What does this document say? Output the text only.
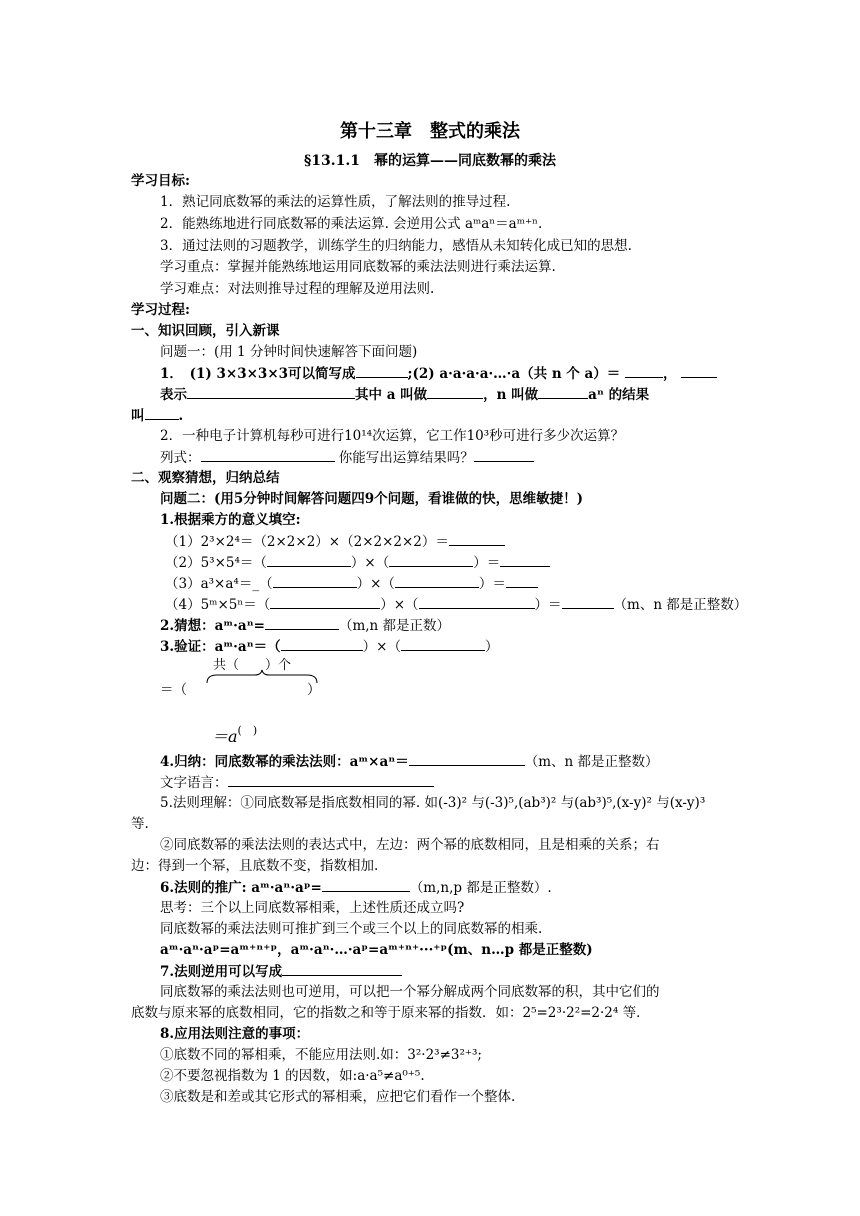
第十三章　整式的乘法
§13.1.1　幂的运算——同底数幂的乘法
学习目标:
1．熟记同底数幂的乘法的运算性质，了解法则的推导过程.
2．能熟练地进行同底数幂的乘法运算. 会逆用公式 aᵐaⁿ＝aᵐ⁺ⁿ.
3．通过法则的习题教学，训练学生的归纳能力，感悟从未知转化成已知的思想.
学习重点：掌握并能熟练地运用同底数幂的乘法法则进行乘法运算.
学习难点：对法则推导过程的理解及逆用法则.
学习过程:
一、知识回顾，引入新课
问题一：(用 1 分钟时间快速解答下面问题)
1．　(1) 3×3×3×3可以简写成	;(2) a·a·a·a·…·a（共 n 个 a）＝	，
表示	其中 a 叫做	，n 叫做	aⁿ 的结果
叫	.
2．一种电子计算机每秒可进行10¹⁴次运算，它工作10³秒可进行多少次运算？
列式：	你能写出运算结果吗？
二、观察猜想，归纳总结
问题二：(用5分钟时间解答问题四9个问题，看谁做的快，思维敏捷！)
1.根据乘方的意义填空:
（1）2³×2⁴＝（2×2×2）×（2×2×2×2）＝
（2）5³×5⁴＝（	）×（	）＝
（3）a³×a⁴＝_（	）×（	）＝
（4）5ᵐ×5ⁿ＝（	）×（	）＝	（m、n 都是正整数）
2.猜想：aᵐ·aⁿ=	（m,n 都是正数）
3.验证：aᵐ·aⁿ＝（	）×（	）
共（　　）个
＝（	）
＝a(　)
4.归纳：同底数幂的乘法法则：aᵐ×aⁿ＝	（m、n 都是正整数）
文字语言：
5.法则理解：①同底数幂是指底数相同的幂. 如(-3)² 与(-3)⁵,(ab³)² 与(ab³)⁵,(x-y)² 与(x-y)³
等.
②同底数幂的乘法法则的表达式中，左边：两个幂的底数相同，且是相乘的关系；右
边：得到一个幂，且底数不变，指数相加.
6.法则的推广: aᵐ·aⁿ·aᵖ=	（m,n,p 都是正整数）.
思考：三个以上同底数幂相乘，上述性质还成立吗?
同底数幂的乘法法则可推扩到三个或三个以上的同底数幂的相乘.
aᵐ·aⁿ·aᵖ=aᵐ⁺ⁿ⁺ᵖ，aᵐ·aⁿ·…·aᵖ=aᵐ⁺ⁿ⁺···⁺ᵖ(m、n…p 都是正整数)
7.法则逆用可以写成
同底数幂的乘法法则也可逆用，可以把一个幂分解成两个同底数幂的积，其中它们的
底数与原来幂的底数相同，它的指数之和等于原来幂的指数．如：2⁵=2³·2²=2·2⁴ 等．
8.应用法则注意的事项：
①底数不同的幂相乘，不能应用法则.如：3²·2³≠3²⁺³;
②不要忽视指数为 1 的因数，如:a·a⁵≠a⁰⁺⁵.
③底数是和差或其它形式的幂相乘，应把它们看作一个整体.
